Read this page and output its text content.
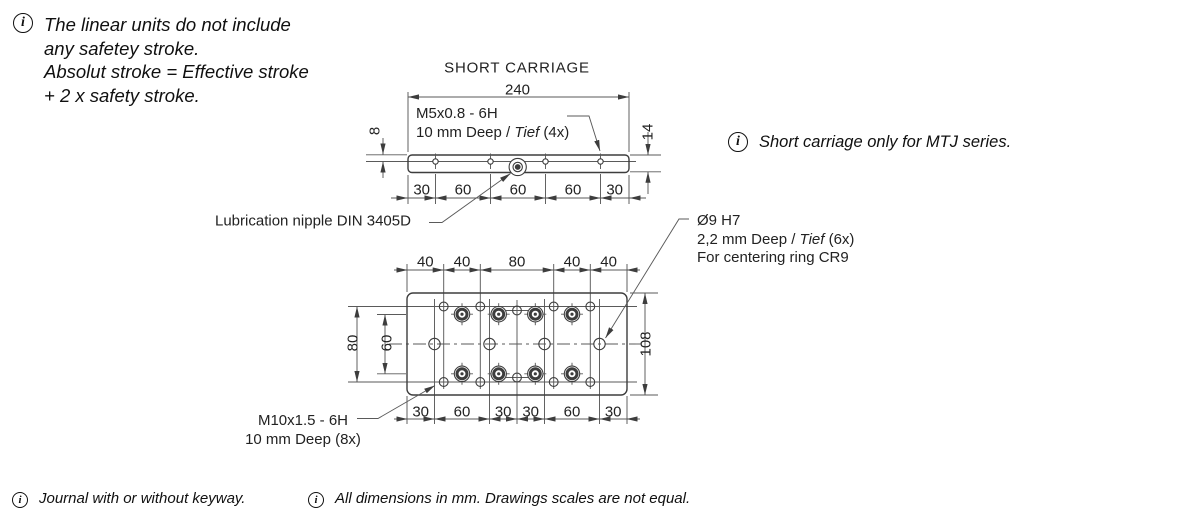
i	The linear units do not include
any safetey stroke.
Absolut stroke = Effective stroke
+ 2 x safety stroke.
i	Short carriage only for MTJ series.
i	Journal with or without keyway.	i	All dimensions in mm. Drawings scales are not equal.
SHORT CARRIAGE
240
M5x0.8 - 6H
10 mm Deep / Tief (4x)
8	14
30 60	60	60 30
Lubrication nipple DIN 3405D
40 40	80	40 40
80 60	108
30 60 30 30 60 30
Ø9 H7
2,2 mm Deep / Tief (6x)
For centering ring CR9
M10x1.5 - 6H
10 mm Deep (8x)
